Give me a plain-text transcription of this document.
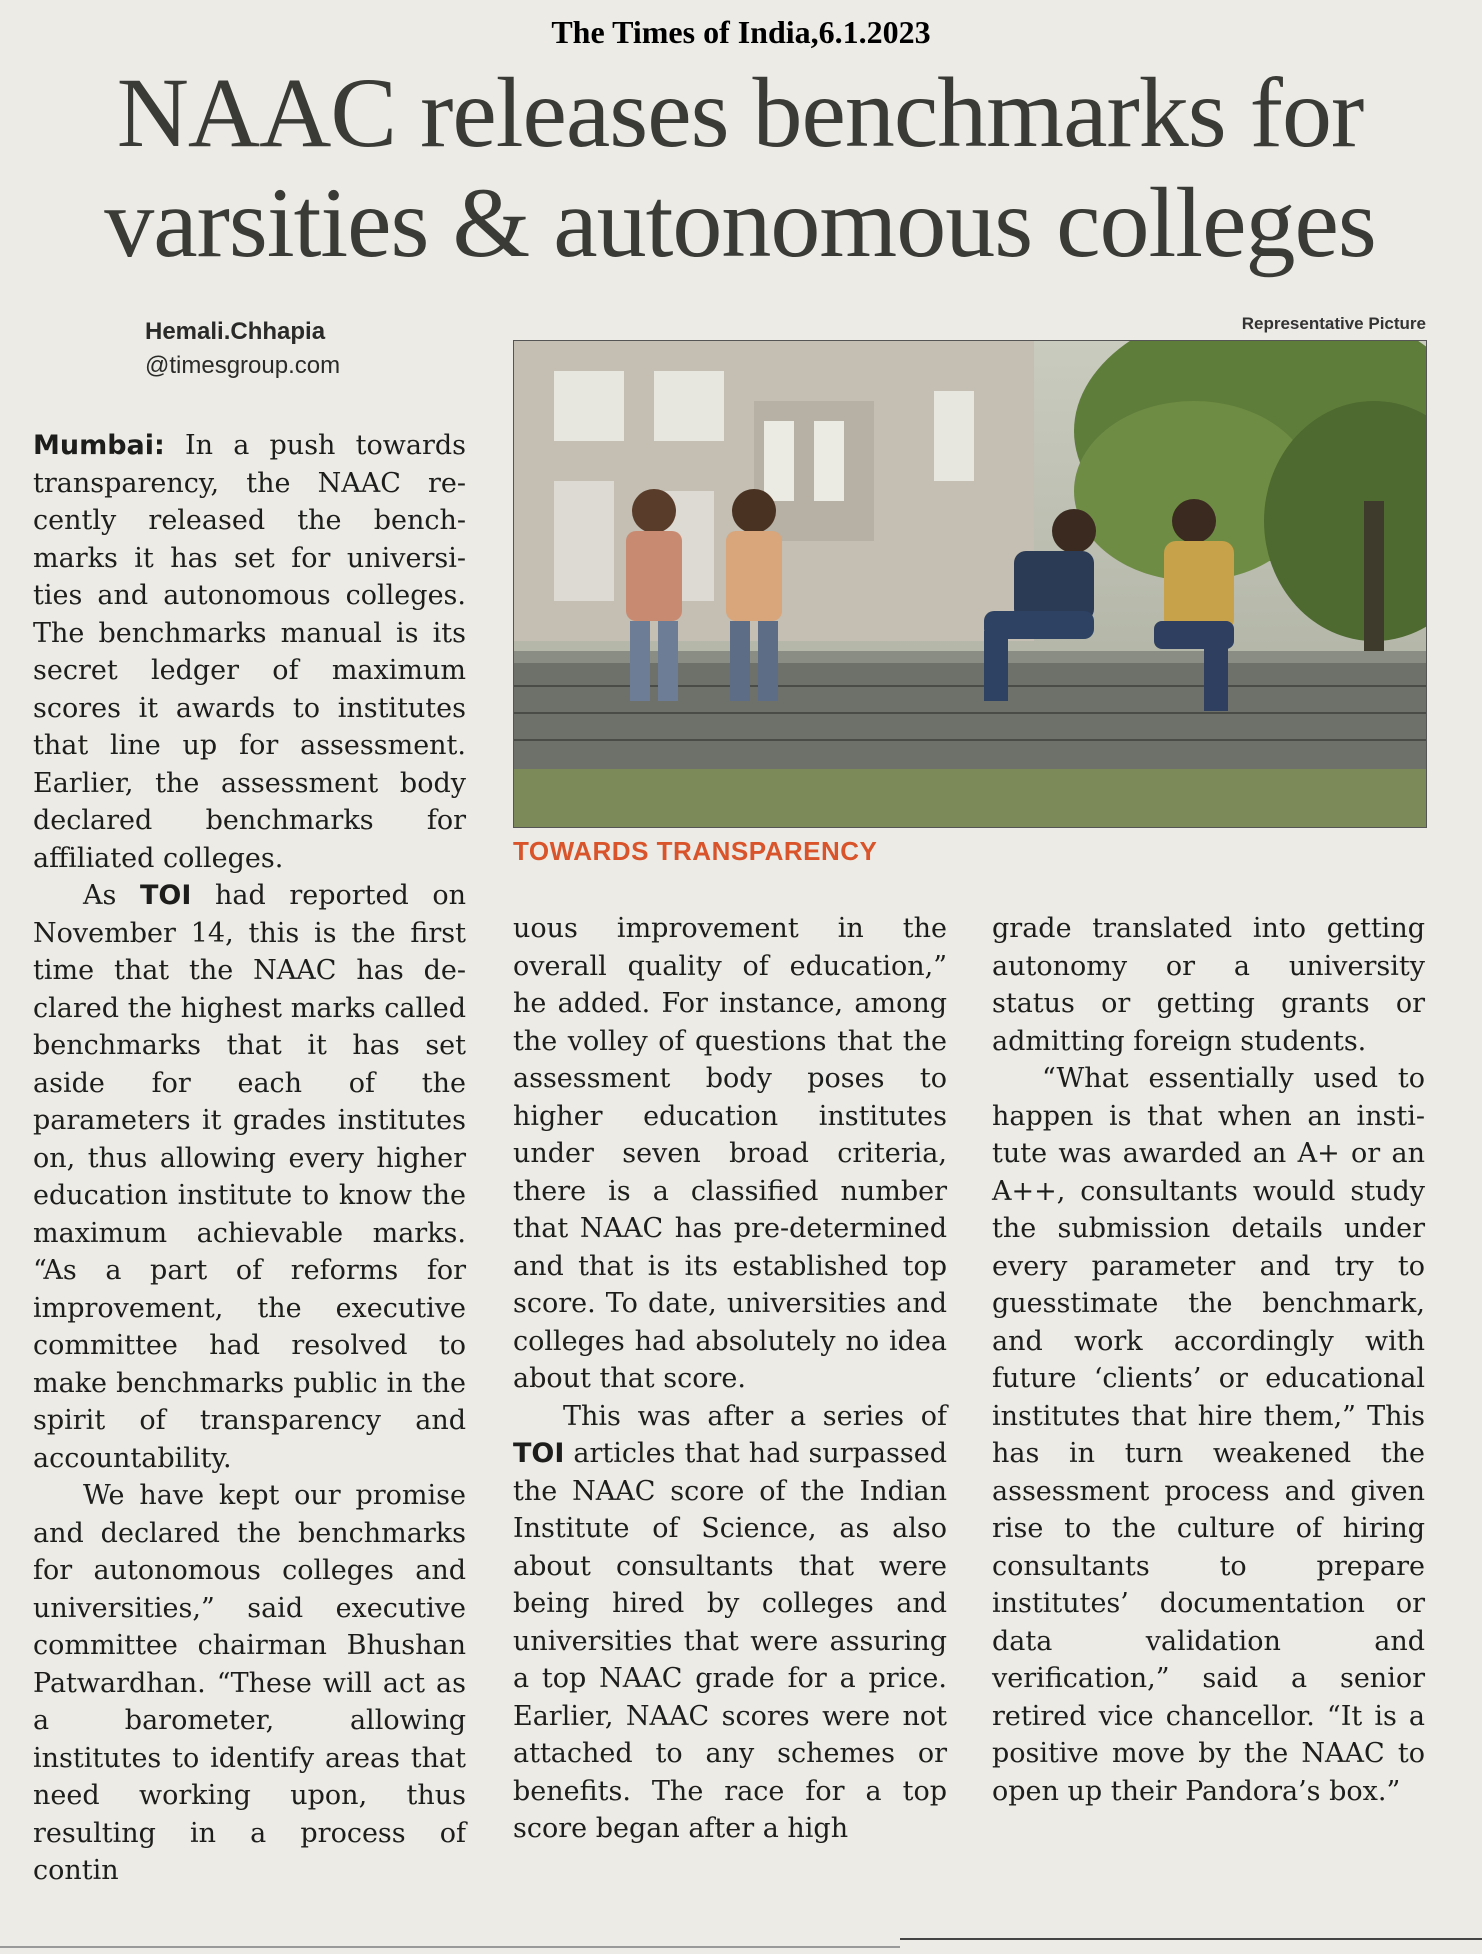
The Times of India,6.1.2023
NAAC releases benchmarks for
varsities & autonomous colleges
Hemali.Chhapia
@timesgroup.com
Representative Picture
TOWARDS TRANSPARENCY

Mumbai: In a push towards transparency, the NAAC recently released the benchmarks it has set for universities and autonomous colleges. The benchmarks manual is its secret ledger of maximum scores it awards to institutes that line up for assessment. Earlier, the assessment body declared benchmarks for affiliated colleges.

As TOI had reported on November 14, this is the first time that the NAAC has declared the highest marks called benchmarks that it has set aside for each of the parameters it grades institutes on, thus allowing every higher education institute to know the maximum achievable marks. “As a part of reforms for improvement, the executive committee had resolved to make benchmarks public in the spirit of transparency and accountability.

We have kept our promise and declared the benchmarks for autonomous colleges and universities,” said executive committee chairman Bhushan Patwardhan. “These will act as a barometer, allowing institutes to identify areas that need working upon, thus resulting in a process of contin

uous improvement in the overall quality of education,” he added. For instance, among the volley of questions that the assessment body poses to higher education institutes under seven broad criteria, there is a classified number that NAAC has pre-determined and that is its established top score. To date, universities and colleges had absolutely no idea about that score.

This was after a series of TOI articles that had surpassed the NAAC score of the Indian Institute of Science, as also about consultants that were being hired by colleges and universities that were assuring a top NAAC grade for a price. Earlier, NAAC scores were not attached to any schemes or benefits. The race for a top score began after a high

grade translated into getting autonomy or a university status or getting grants or admitting foreign students.

“What essentially used to happen is that when an institute was awarded an A+ or an A++, consultants would study the submission details under every parameter and try to guesstimate the benchmark, and work accordingly with future ‘clients’ or educational institutes that hire them,” This has in turn weakened the assessment process and given rise to the culture of hiring consultants to prepare institutes’ documentation or data validation and verification,” said a senior retired vice chancellor. “It is a positive move by the NAAC to open up their Pandora’s box.”
